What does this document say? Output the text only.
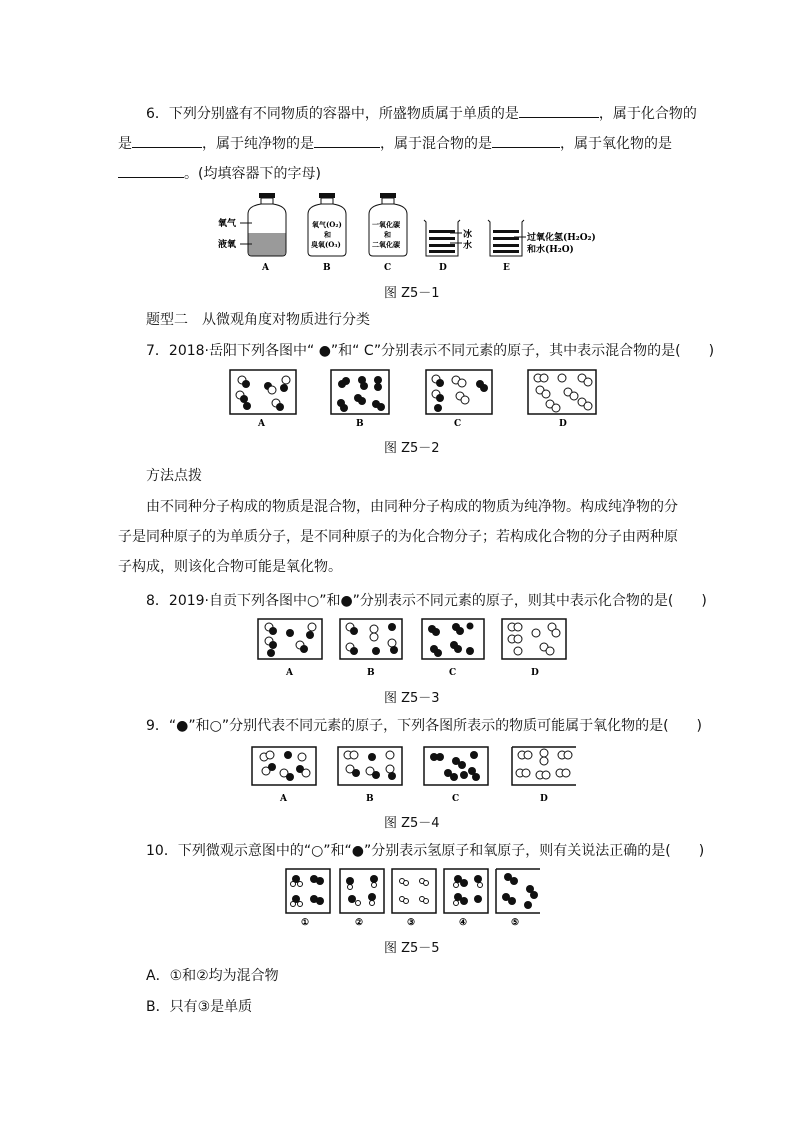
6．下列分别盛有不同物质的容器中，所盛物质属于单质的是	，属于化合物的
是	，属于纯净物的是	，属于混合物的是	，属于氧化物的是
。(均填容器下的字母)
氧气
液氧
A
氧气(O₂)
和
臭氧(O₃)
B
一氧化碳
和
二氧化碳
C
冰
水
D
过氧化氢(H₂O₂)
和水(H₂O)
E
图 Z5－1
题型二　从微观角度对物质进行分类
7．2018·岳阳下列各图中“ ●”和“ C”分别表示不同元素的原子，其中表示混合物的是(　　)
A	B	C	D
图 Z5－2
方法点拨
由不同种分子构成的物质是混合物，由同种分子构成的物质为纯净物。构成纯净物的分
子是同种原子的为单质分子，是不同种原子的为化合物分子；若构成化合物的分子由两种原
子构成，则该化合物可能是氧化物。
8．2019·自贡下列各图中○”和●”分别表示不同元素的原子，则其中表示化合物的是(　　)
A	B	C	D
图 Z5－3
9．“●”和○”分别代表不同元素的原子，下列各图所表示的物质可能属于氧化物的是(　　)
A	B	C	D
图 Z5－4
10．下列微观示意图中的“○”和“●”分别表示氢原子和氧原子，则有关说法正确的是(　　)
①	②	③	④	⑤
图 Z5－5
A．①和②均为混合物
B．只有③是单质
